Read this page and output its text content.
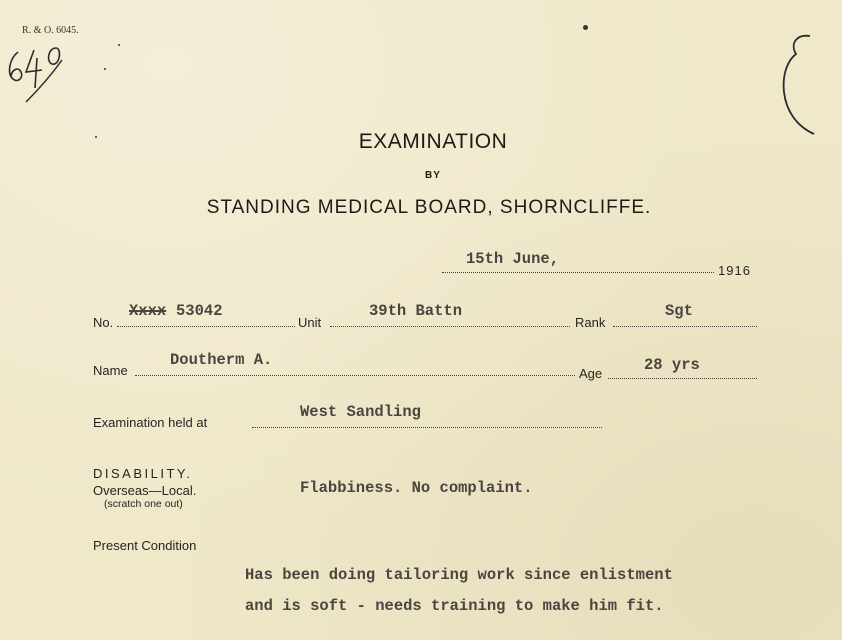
R. & O. 6045.
EXAMINATION
BY
STANDING MEDICAL BOARD, SHORNCLIFFE.
15th June,
1916
No.
Xxxx 53042
Unit
39th Battn
Rank
Sgt
Name
Doutherm A.
Age	28 yrs
Examination held at
West Sandling
DISABILITY.
Overseas—Local.
(scratch one out)
Flabbiness. No complaint.
Present Condition
Has been doing tailoring work since enlistment
and is soft - needs training to make him fit.
